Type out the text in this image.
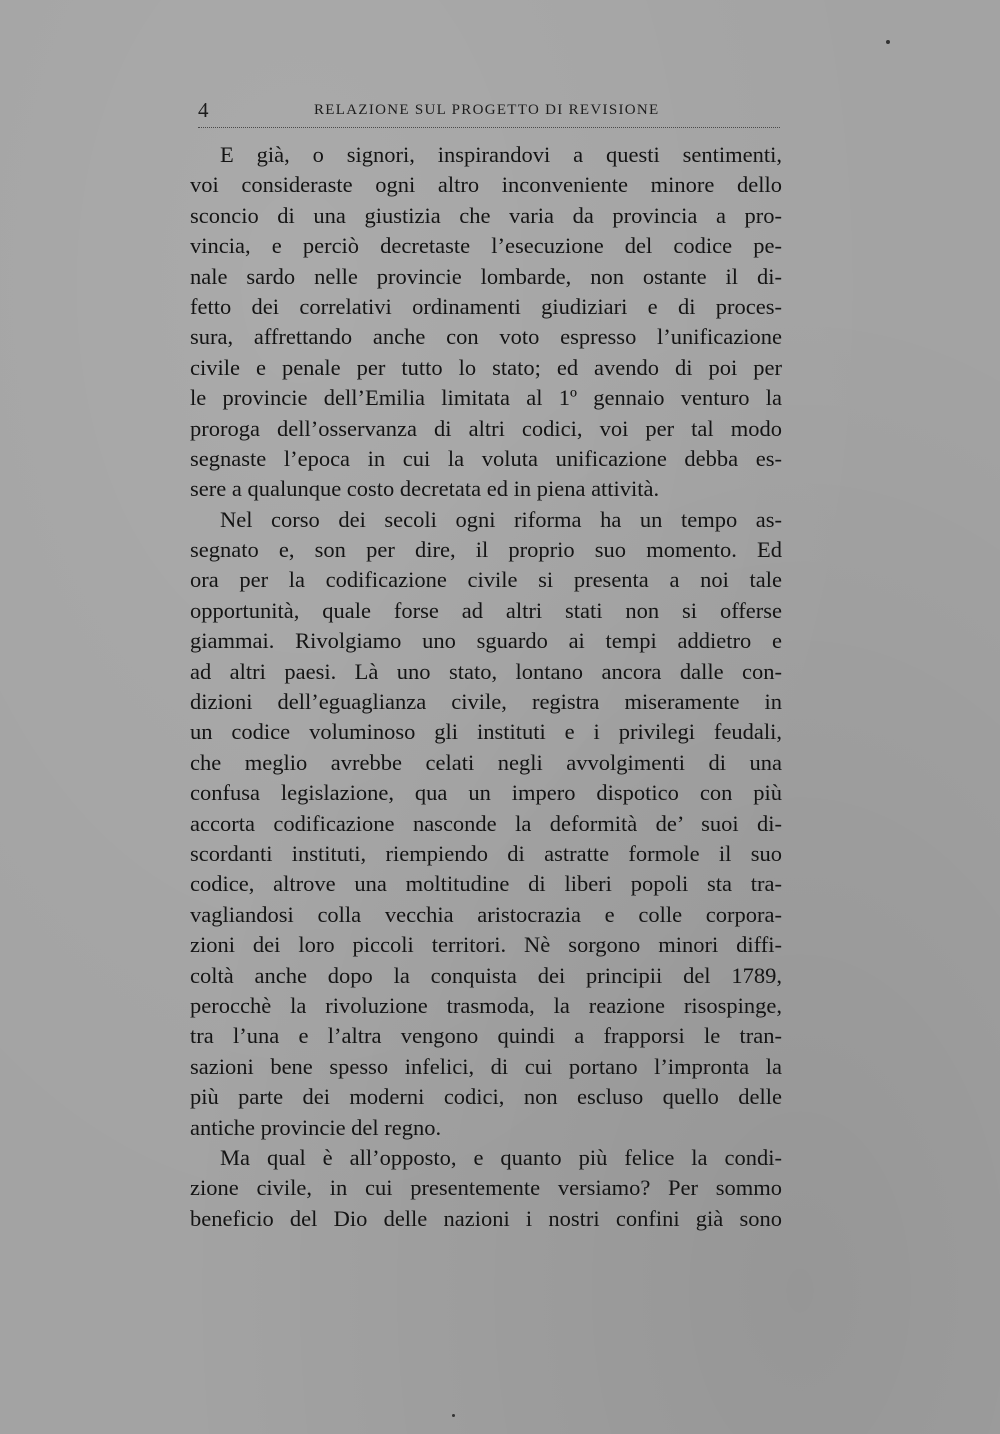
4	RELAZIONE SUL PROGETTO DI REVISIONE
E già, o signori, inspirandovi a questi sentimenti,
voi consideraste ogni altro inconveniente minore dello
sconcio di una giustizia che varia da provincia a pro-
vincia, e perciò decretaste l’esecuzione del codice pe-
nale sardo nelle provincie lombarde, non ostante il di-
fetto dei correlativi ordinamenti giudiziari e di proces-
sura, affrettando anche con voto espresso l’unificazione
civile e penale per tutto lo stato; ed avendo di poi per
le provincie dell’Emilia limitata al 1º gennaio venturo la
proroga dell’osservanza di altri codici, voi per tal modo
segnaste l’epoca in cui la voluta unificazione debba es-
sere a qualunque costo decretata ed in piena attività.
Nel corso dei secoli ogni riforma ha un tempo as-
segnato e, son per dire, il proprio suo momento. Ed
ora per la codificazione civile si presenta a noi tale
opportunità, quale forse ad altri stati non si offerse
giammai. Rivolgiamo uno sguardo ai tempi addietro e
ad altri paesi. Là uno stato, lontano ancora dalle con-
dizioni dell’eguaglianza civile, registra miseramente in
un codice voluminoso gli instituti e i privilegi feudali,
che meglio avrebbe celati negli avvolgimenti di una
confusa legislazione, qua un impero dispotico con più
accorta codificazione nasconde la deformità de’ suoi di-
scordanti instituti, riempiendo di astratte formole il suo
codice, altrove una moltitudine di liberi popoli sta tra-
vagliandosi colla vecchia aristocrazia e colle corpora-
zioni dei loro piccoli territori. Nè sorgono minori diffi-
coltà anche dopo la conquista dei principii del 1789,
perocchè la rivoluzione trasmoda, la reazione risospinge,
tra l’una e l’altra vengono quindi a frapporsi le tran-
sazioni bene spesso infelici, di cui portano l’impronta la
più parte dei moderni codici, non escluso quello delle
antiche provincie del regno.
Ma qual è all’opposto, e quanto più felice la condi-
zione civile, in cui presentemente versiamo? Per sommo
beneficio del Dio delle nazioni i nostri confini già sono
